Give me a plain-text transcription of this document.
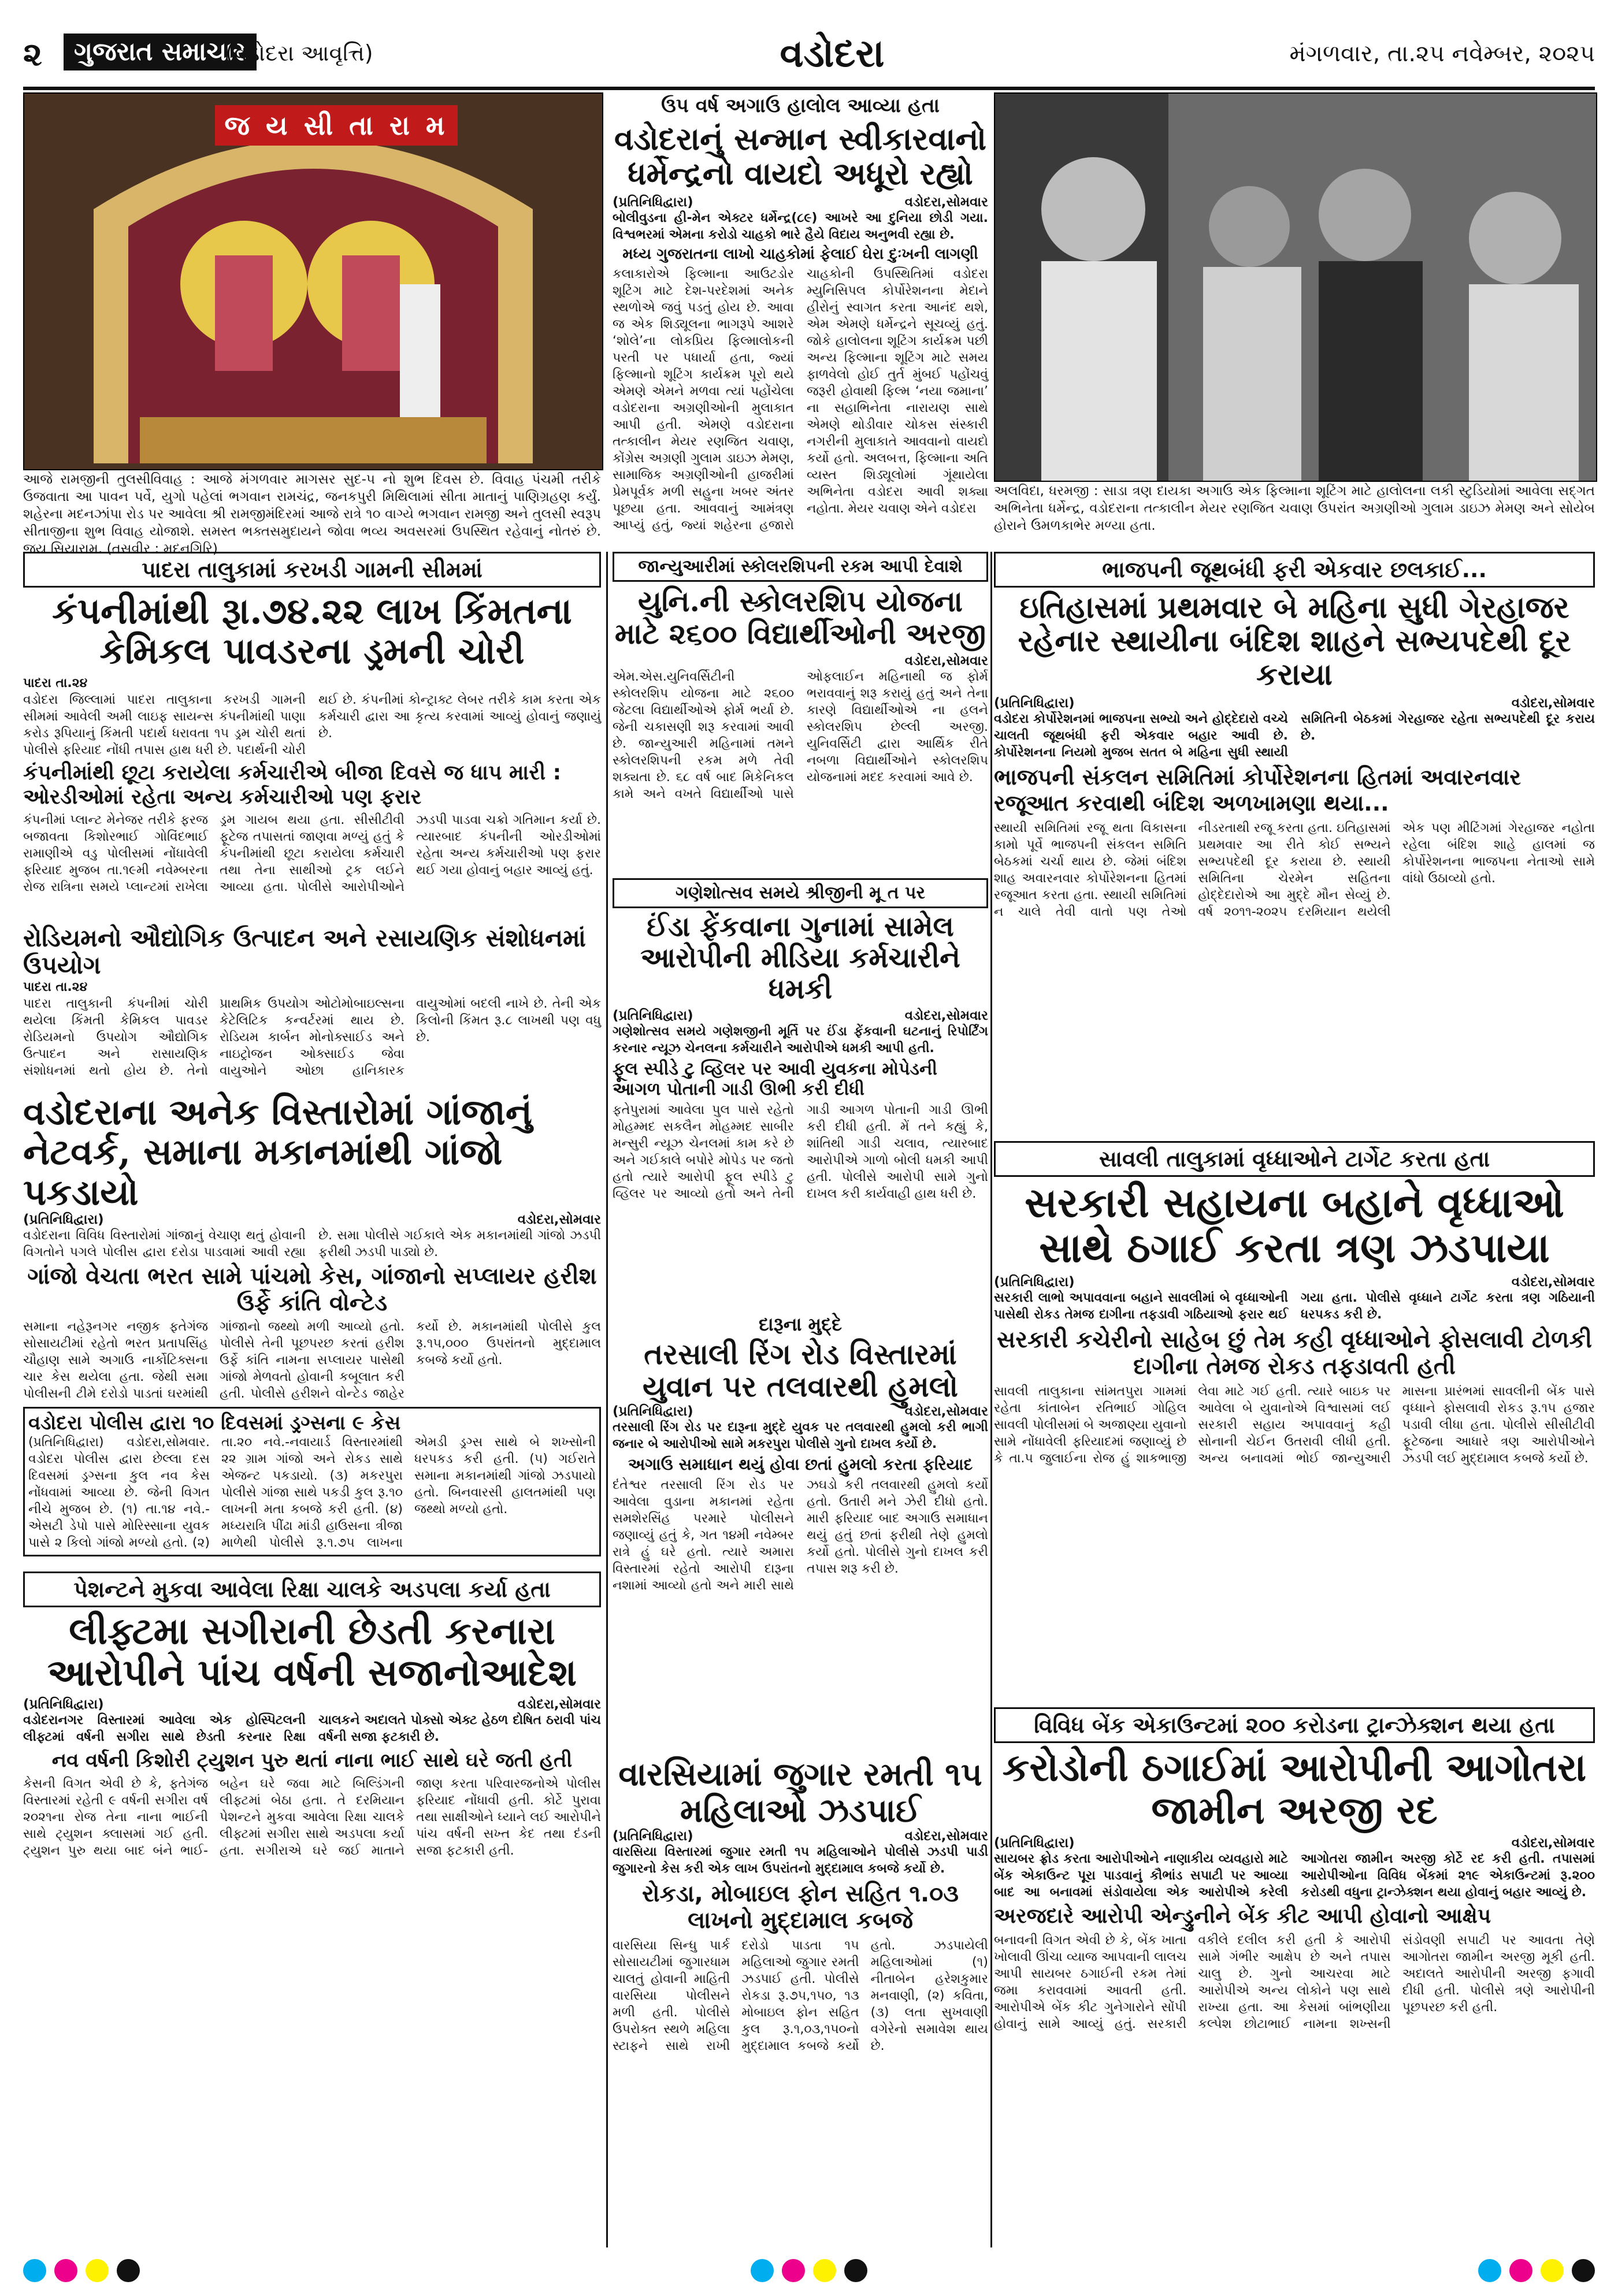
૨	ગુજરાત સમાચાર
(વડોદરા આવૃત્તિ)	વડોદરા	મંગળવાર, તા.૨૫ નવેમ્બર, ૨૦૨૫
જ ય સી તા રા મ
આજે રામજીની તુલસીવિવાહ : આજે મંગળવાર માગસર સુદ-૫ નો શુભ દિવસ છે. વિવાહ પંચમી તરીકે ઉજવાતા આ પાવન પર્વે, યુગો પહેલાં ભગવાન રામચંદ્ર, જનકપુરી મિથિલામાં સીતા માતાનું પાણિગ્રહણ કર્યું. શહેરના મદનઝાંપા રોડ પર આવેલા શ્રી રામજીમંદિરમાં આજે રાત્રે ૧૦ વાગ્યે ભગવાન રામજી અને તુલસી સ્વરૂપ સીતાજીના શુભ વિવાહ યોજાશે. સમસ્ત ભક્તસમુદાયને જોવા ભવ્ય અવસરમાં ઉપસ્થિત રહેવાનું નોતરું છે. જય સિયારામ. (તસવીર : મદનગિરિ)
ઉપ વર્ષ અગાઉ હાલોલ આવ્યા હતા
વડોદરાનું સન્માન સ્વીકારવાનો ધર્મેન્દ્રનો વાયદો અધૂરો રહ્યો
(પ્રતિનિધિદ્વારા)	વડોદરા,સોમવાર
બોલીવુડના હી-મેન એક્ટર ધર્મેન્દ્ર(૮૯) આખરે આ દુનિયા છોડી ગયા. વિશ્વભરમાં એમના કરોડો ચાહકો ભારે હૈયે વિદાય અનુભવી રહ્યા છે.
મધ્ય ગુજરાતના લાખો ચાહકોમાં ફેલાઈ ઘેરા દુઃખની લાગણી
કલાકારોએ ફિલ્માના આઉટડોર શૂટિંગ માટે દેશ-પરદેશમાં અનેક સ્થળોએ જવું પડતું હોય છે. આવા જ એક શિડ્યૂલના ભાગરૂપે આશરે ‘શોલે’ના લોકપ્રિય ફિલ્માલોકની પરતી પર પધાર્યા હતા, જ્યાં ફિલ્માનો શૂટિંગ કાર્યક્રમ પૂરો થયે એમણે એમને મળવા ત્યાં પહોંચેલા વડોદરાના અગ્રણીઓની મુલાકાત આપી હતી. એમણે વડોદરાના તત્કાલીન મેયર રણજિત ચવાણ, કોંગ્રેસ અગ્રણી ગુલામ ડાઇઝ મેમણ, સામાજિક અગ્રણીઓની હાજરીમાં પ્રેમપૂર્વક મળી સહુના ખબર અંતર પૂછયા હતા. આવવાનું આમંત્રણ આપ્યું હતું, જ્યાં શહેરના હજારો ચાહકોની ઉપસ્થિતિમાં વડોદરા મ્યુનિસિપલ કોર્પોરેશનના મેદાને હીરોનું સ્વાગત કરતા આનંદ થશે, એમ એમણે ધર્મેન્દ્રને સૂચવ્યું હતું. જોકે હાલોલના શૂટિંગ કાર્યક્રમ પછી અન્ય ફિલ્માના શૂટિંગ માટે સમય ફાળવેલો હોઈ તુર્ત મુંબઈ પહોંચવું જરૂરી હોવાથી ફિલ્મ ‘નયા જમાના’ ના સહાભિનેતા નારાયણ સાથે એમણે થોડીવાર ચોકસ સંસ્કારી નગરીની મુલાકાતે આવવાનો વાયદો કર્યો હતો. અલબત્ત, ફિલ્માના અતિ વ્યસ્ત શિડ્યૂલોમાં ગૂંથાયેલા અભિનેતા વડોદરા આવી શક્યા નહોતા. મેયર ચવાણ એને વડોદરા
અલવિદા, ધરમજી : સાડા ત્રણ દાયકા અગાઉ એક ફિલ્માના શૂટિંગ માટે હાલોલના લકી સ્ટુડિયોમાં આવેલા સદ્ગત અભિનેતા ધર્મેન્દ્ર, વડોદરાના તત્કાલીન મેયર રણજિત ચવાણ ઉપરાંત અગ્રણીઓ ગુલામ ડાઇઝ મેમણ અને સોયેબ હોરાને ઉમળકાભેર મળ્યા હતા.
પાદરા તાલુકામાં કરખડી ગામની સીમમાં
કંપનીમાંથી રૂા.૭૪.૨૨ લાખ કિંમતના કેમિકલ પાવડરના ડ્રમની ચોરી
પાદરા તા.૨૪
વડોદરા જિલ્લામાં પાદરા તાલુકાના કરખડી ગામની સીમમાં આવેલી અમી લાઇફ સાયન્સ કંપનીમાંથી પાણા કરોડ રૂપિયાનું કિંમતી પદાર્થ ધરાવતા ૧૫ ડ્રમ ચોરી થતાં પોલીસે ફરિયાદ નોંધી તપાસ હાથ ધરી છે. પદાર્થની ચોરી થઈ છે. કંપનીમાં કોન્ટ્રાક્ટ લેબર તરીકે કામ કરતા એક કર્મચારી દ્વારા આ કૃત્ય કરવામાં આવ્યું હોવાનું જણાયું છે.
કંપનીમાંથી છૂટા કરાયેલા કર્મચારીએ બીજા દિવસે જ ધાપ મારી : ઓરડીઓમાં રહેતા અન્ય કર્મચારીઓ પણ ફરાર
કંપનીમાં પ્લાન્ટ મેનેજર તરીકે ફરજ બજાવતા કિશોરભાઈ ગોવિંદભાઈ રામાણીએ વડુ પોલીસમાં નોંધાવેલી ફરિયાદ મુજબ તા.૧૯મી નવેમ્બરના રોજ રાત્રિના સમયે પ્લાન્ટમાં રાખેલા ડ્રમ ગાયબ થયા હતા. સીસીટીવી ફૂટેજ તપાસતાં જાણવા મળ્યું હતું કે કંપનીમાંથી છૂટા કરાયેલા કર્મચારી તથા તેના સાથીઓ ટ્રક લઈને આવ્યા હતા. પોલીસે આરોપીઓને ઝડપી પાડવા ચક્રો ગતિમાન કર્યા છે. ત્યારબાદ કંપનીની ઓરડીઓમાં રહેતા અન્ય કર્મચારીઓ પણ ફરાર થઈ ગયા હોવાનું બહાર આવ્યું હતું.
રોડિયમનો ઔદ્યોગિક ઉત્પાદન અને રસાયણિક સંશોધનમાં ઉપયોગ
પાદરા તા.૨૪
પાદરા તાલુકાની કંપનીમાં ચોરી થયેલા કિંમતી કેમિકલ પાવડર રોડિયમનો ઉપયોગ ઔદ્યોગિક ઉત્પાદન અને રાસાયણિક સંશોધનમાં થતો હોય છે. તેનો પ્રાથમિક ઉપયોગ ઓટોમોબાઇલ્સના કેટેલિટિક કન્વર્ટરમાં થાય છે. રોડિયમ કાર્બન મોનોક્સાઈડ અને નાઇટ્રોજન ઓક્સાઈડ જેવા વાયુઓને ઓછા હાનિકારક વાયુઓમાં બદલી નાખે છે. તેની એક કિલોની કિંમત રૂ.૮ લાખથી પણ વધુ છે.
વડોદરાના અનેક વિસ્તારોમાં ગાંજાનું નેટવર્ક, સમાના મકાનમાંથી ગાંજો પકડાયો
(પ્રતિનિધિદ્વારા)	વડોદરા,સોમવાર
વડોદરાના વિવિધ વિસ્તારોમાં ગાંજાનું વેચાણ થતું હોવાની વિગતોને પગલે પોલીસ દ્વારા દરોડા પાડવામાં આવી રહ્યા છે. સમા પોલીસે ગઈકાલે એક મકાનમાંથી ગાંજો ઝડપી ફરીથી ઝડપી પાડ્યો છે.
ગાંજો વેચતા ભરત સામે પાંચમો કેસ, ગાંજાનો સપ્લાયર હરીશ ઉર્ફે કાંતિ વોન્ટેડ
સમાના નહેરૂનગર નજીક ફતેગંજ સોસાયટીમાં રહેતો ભરત પ્રતાપસિંહ ચૌહાણ સામે અગાઉ નાર્કોટિક્સના ચાર કેસ થયેલા હતા. જેથી સમા પોલીસની ટીમે દરોડો પાડતાં ઘરમાંથી ગાંજાનો જથ્થો મળી આવ્યો હતો. પોલીસે તેની પૂછપરછ કરતાં હરીશ ઉર્ફે કાંતિ નામના સપ્લાયર પાસેથી ગાંજો મેળવતો હોવાની કબૂલાત કરી હતી. પોલીસે હરીશને વોન્ટેડ જાહેર કર્યો છે. મકાનમાંથી પોલીસે કુલ રૂ.૧૫,૦૦૦ ઉપરાંતનો મુદ્દામાલ કબજે કર્યો હતો.
વડોદરા પોલીસ દ્વારા ૧૦ દિવસમાં ડ્રગ્સના ૯ કેસ
(પ્રતિનિધિદ્વારા) વડોદરા,સોમવાર. વડોદરા પોલીસ દ્વારા છેલ્લા દસ દિવસમાં ડ્રગ્સના કુલ નવ કેસ નોંધવામાં આવ્યા છે. જેની વિગત નીચે મુજબ છે. (૧) તા.૧૪ નવે.-એસટી ડેપો પાસે મોરિસ્સાના યુવક પાસે ૨ કિલો ગાંજો મળ્યો હતો. (૨) તા.૨૦ નવે.-નવાયાર્ડ વિસ્તારમાંથી ૨૨ ગ્રામ ગાંજો અને રોકડ સાથે એજન્ટ પકડાયો. (૩) મકરપુરા પોલીસે ગાંજા સાથે પકડી કુલ રૂ.૧૦ લાખની મતા કબજે કરી હતી. (૪) મધ્યરાત્રિ પીંઢા માંડી હાઉસના ત્રીજા માળેથી પોલીસે રૂ.૧.૭૫ લાખના એમડી ડ્રગ્સ સાથે બે શખ્સોની ધરપકડ કરી હતી. (૫) ગઈરાતે સમાના મકાનમાંથી ગાંજો ઝડપાયો હતો. બિનવારસી હાલતમાંથી પણ જથ્થો મળ્યો હતો.
પેશન્ટને મુકવા આવેલા રિક્ષા ચાલકે અડપલા કર્યા હતા
લીફ્ટમા સગીરાની છેડતી કરનારા આરોપીને પાંચ વર્ષની સજાનોઆદેશ
(પ્રતિનિધિદ્વારા)	વડોદરા,સોમવાર
વડોદરાનગર વિસ્તારમાં આવેલા એક હોસ્પિટલની લીફ્ટમાં વર્ષની સગીરા સાથે છેડતી કરનાર રિક્ષા ચાલકને અદાલતે પોક્સો એક્ટ હેઠળ દોષિત ઠરાવી પાંચ વર્ષની સજા ફટકારી છે.
નવ વર્ષની કિશોરી ટ્યુશન પુરુ થતાં નાના ભાઈ સાથે ઘરે જતી હતી
કેસની વિગત એવી છે કે, ફતેગંજ વિસ્તારમાં રહેતી ૯ વર્ષની સગીરા વર્ષ ૨૦૨૧ના રોજ તેના નાના ભાઈની સાથે ટ્યુશન ક્લાસમાં ગઈ હતી. ટ્યુશન પુરુ થયા બાદ બંને ભાઈ-બહેન ઘરે જવા માટે બિલ્ડિંગની લીફ્ટમાં બેઠા હતા. તે દરમિયાન પેશન્ટને મુકવા આવેલા રિક્ષા ચાલકે લીફ્ટમાં સગીરા સાથે અડપલા કર્યા હતા. સગીરાએ ઘરે જઈ માતાને જાણ કરતા પરિવારજનોએ પોલીસ ફરિયાદ નોંધાવી હતી. કોર્ટે પુરાવા તથા સાક્ષીઓને ધ્યાને લઈ આરોપીને પાંચ વર્ષની સખ્ત કેદ તથા દંડની સજા ફટકારી હતી.
જાન્યુઆરીમાં સ્કોલરશિપની રકમ આપી દેવાશે
યુનિ.ની સ્કોલરશિપ યોજના માટે ૨૬૦૦ વિદ્યાર્થીઓની અરજી
વડોદરા,સોમવાર
એમ.એસ.યુનિવર્સિટીની સ્કોલરશિપ યોજના માટે ૨૬૦૦ જેટલા વિદ્યાર્થીઓએ ફોર્મ ભર્યા છે. જેની ચકાસણી શરૂ કરવામાં આવી છે. જાન્યુઆરી મહિનામાં તમને સ્કોલરશિપની રકમ મળે તેવી શક્યતા છે. ૬૮ વર્ષ બાદ મિકેનિકલ કામે અને વખતે વિદ્યાર્થીઓ પાસે ઓફલાઈન મહિનાથી જ ફોર્મ ભરાવવાનું શરૂ કરાયું હતું અને તેના કારણે વિદ્યાર્થીઓએ ના હલને સ્કોલરશિપ છેલ્લી અરજી. યુનિવર્સિટી દ્વારા આર્થિક રીતે નબળા વિદ્યાર્થીઓને સ્કોલરશિપ યોજનામાં મદદ કરવામાં આવે છે.
ગણેશોત્સવ સમયે શ્રીજીની મૂ ત પર
ઈંડા ફેંકવાના ગુનામાં સામેલ આરોપીની મીડિયા કર્મચારીને ધમકી
(પ્રતિનિધિદ્વારા)	વડોદરા,સોમવાર
ગણેશોત્સવ સમયે ગણેશજીની મૂર્તિ પર ઈંડા ફેંકવાની ઘટનાનું રિપોર્ટિંગ કરનાર ન્યૂઝ ચેનલના કર્મચારીને આરોપીએ ધમકી આપી હતી.
ફૂલ સ્પીડે ટુ વ્હિલર પર આવી યુવકના મોપેડની આગળ પોતાની ગાડી ઊભી કરી દીધી
ફતેપુરામાં આવેલા પુલ પાસે રહેતો મોહમ્મદ સકલૈન મોહમ્મદ સાબીર મન્સુરી ન્યૂઝ ચેનલમાં કામ કરે છે અને ગઈકાલે બપોરે મોપેડ પર જતો હતો ત્યારે આરોપી ફૂલ સ્પીડે ટુ વ્હિલર પર આવ્યો હતો અને તેની ગાડી આગળ પોતાની ગાડી ઊભી કરી દીધી હતી. મેં તને કહ્યું કે, શાંતિથી ગાડી ચલાવ, ત્યારબાદ આરોપીએ ગાળો બોલી ધમકી આપી હતી. પોલીસે આરોપી સામે ગુનો દાખલ કરી કાર્યવાહી હાથ ધરી છે.
દારૂના મુદ્દે
તરસાલી રિંગ રોડ વિસ્તારમાં યુવાન પર તલવારથી હુમલો
(પ્રતિનિધિદ્વારા)	વડોદરા,સોમવાર
તરસાલી રિંગ રોડ પર દારૂના મુદ્દે યુવક પર તલવારથી હુમલો કરી ભાગી જનાર બે આરોપીઓ સામે મકરપુરા પોલીસે ગુનો દાખલ કર્યો છે.
અગાઉ સમાધાન થયું હોવા છતાં હુમલો કરતા ફરિયાદ
દંતેશ્વર તરસાલી રિંગ રોડ પર આવેલા વુડાના મકાનમાં રહેતા સમશેરસિંહ પરમારે પોલીસને જણાવ્યું હતું કે, ગત ૧૪મી નવેમ્બર રાત્રે હું ઘરે હતો. ત્યારે અમારા વિસ્તારમાં રહેતો આરોપી દારૂના નશામાં આવ્યો હતો અને મારી સાથે ઝઘડો કરી તલવારથી હુમલો કર્યો હતો. ઉતારી મને ઝેરી દીધો હતો. મારી ફરિયાદ બાદ અગાઉ સમાધાન થયું હતું છતાં ફરીથી તેણે હુમલો કર્યો હતો. પોલીસે ગુનો દાખલ કરી તપાસ શરૂ કરી છે.
વારસિયામાં જુગાર રમતી ૧૫ મહિલાઓ ઝડપાઈ
(પ્રતિનિધિદ્વારા)	વડોદરા,સોમવાર
વારસિયા વિસ્તારમાં જુગાર રમતી ૧૫ મહિલાઓને પોલીસે ઝડપી પાડી જુગારનો કેસ કરી એક લાખ ઉપરાંતનો મુદ્દામાલ કબજે કર્યો છે.
રોકડા, મોબાઇલ ફોન સહિત ૧.૦૩ લાખનો મુદ્દામાલ કબજે
વારસિયા સિન્ધુ પાર્ક સોસાયટીમાં જુગારધામ ચાલતું હોવાની માહિતી વારસિયા પોલીસને મળી હતી. પોલીસે ઉપરોક્ત સ્થળે મહિલા સ્ટાફને સાથે રાખી દરોડો પાડતા ૧૫ મહિલાઓ જુગાર રમતી ઝડપાઈ હતી. પોલીસે રોકડા રૂ.૭૫,૧૫૦, ૧૩ મોબાઇલ ફોન સહિત કુલ રૂ.૧,૦૩,૧૫૦નો મુદ્દામાલ કબજે કર્યો હતો. ઝડપાયેલી મહિલાઓમાં (૧) નીતાબેન હરેશકુમાર મનવાણી, (૨) કવિતા, (૩) લતા સુખવાણી વગેરેનો સમાવેશ થાય છે.
ભાજપની જૂથબંધી ફરી એકવાર છલકાઈ...
ઇતિહાસમાં પ્રથમવાર બે મહિના સુધી ગેરહાજર રહેનાર સ્થાયીના બંદિશ શાહને સભ્યપદેથી દૂર કરાયા
(પ્રતિનિધિદ્વારા)	વડોદરા,સોમવાર
વડોદરા કોર્પોરેશનમાં ભાજપના સભ્યો અને હોદ્દેદારો વચ્ચે ચાલતી જૂથબંધી ફરી એકવાર બહાર આવી છે. કોર્પોરેશનના નિયમો મુજબ સતત બે મહિના સુધી સ્થાયી સમિતિની બેઠકમાં ગેરહાજર રહેતા સભ્યપદેથી દૂર કરાય છે.
ભાજપની સંકલન સમિતિમાં કોર્પોરેશનના હિતમાં અવારનવાર રજૂઆત કરવાથી બંદિશ અળખામણા થયા...
સ્થાયી સમિતિમાં રજૂ થતા વિકાસના કામો પૂર્વે ભાજપની સંકલન સમિતિ બેઠકમાં ચર્ચા થાય છે. જેમાં બંદિશ શાહ અવારનવાર કોર્પોરેશનના હિતમાં રજૂઆત કરતા હતા. સ્થાયી સમિતિમાં ન ચાલે તેવી વાતો પણ તેઓ નીડરતાથી રજૂ કરતા હતા. ઇતિહાસમાં પ્રથમવાર આ રીતે કોઈ સભ્યને સભ્યપદેથી દૂર કરાયા છે. સ્થાયી સમિતિના ચેરમેન સહિતના હોદ્દેદારોએ આ મુદ્દે મૌન સેવ્યું છે. વર્ષ ૨૦૧૧-૨૦૨૫ દરમિયાન થયેલી એક પણ મીટિંગમાં ગેરહાજર નહોતા રહેલા બંદિશ શાહે હાલમાં જ કોર્પોરેશનના ભાજપના નેતાઓ સામે વાંધો ઉઠાવ્યો હતો.
સાવલી તાલુકામાં વૃધ્ધાઓને ટાર્ગેટ કરતા હતા
સરકારી સહાયના બહાને વૃધ્ધાઓ સાથે ઠગાઈ કરતા ત્રણ ઝડપાયા
(પ્રતિનિધિદ્વારા)	વડોદરા,સોમવાર
સરકારી લાભો અપાવવાના બહાને સાવલીમાં બે વૃધ્ધાઓની પાસેથી રોકડ તેમજ દાગીના તફડાવી ગઠિયાઓ ફરાર થઈ ગયા હતા. પોલીસે વૃધ્ધાને ટાર્ગેટ કરતા ત્રણ ગઠિયાની ધરપકડ કરી છે.
સરકારી કચેરીનો સાહેબ છું તેમ કહી વૃધ્ધાઓને ફોસલાવી ટોળકી દાગીના તેમજ રોકડ તફડાવતી હતી
સાવલી તાલુકાના સાંમતપુરા ગામમાં રહેતા કાંતાબેન રતિભાઈ ગોહિલ સાવલી પોલીસમાં બે અજાણ્યા યુવાનો સામે નોંધાવેલી ફરિયાદમાં જણાવ્યું છે કે તા.૫ જુલાઈના રોજ હું શાકભાજી લેવા માટે ગઈ હતી. ત્યારે બાઇક પર આવેલા બે યુવાનોએ વિશ્વાસમાં લઈ સરકારી સહાય અપાવવાનું કહી સોનાની ચેઈન ઉતરાવી લીધી હતી. અન્ય બનાવમાં ભોઈ જાન્યુઆરી માસના પ્રારંભમાં સાવલીની બેંક પાસે વૃધ્ધાને ફોસલાવી રોકડ રૂ.૧૫ હજાર પડાવી લીધા હતા. પોલીસે સીસીટીવી ફૂટેજના આધારે ત્રણ આરોપીઓને ઝડપી લઈ મુદ્દામાલ કબજે કર્યો છે.
વિવિધ બેંક એકાઉન્ટમાં ૨૦૦ કરોડના ટ્રાન્ઝેક્શન થયા હતા
કરોડોની ઠગાઈમાં આરોપીની આગોતરા જામીન અરજી રદ
(પ્રતિનિધિદ્વારા)	વડોદરા,સોમવાર
સાયબર ફ્રોડ કરતા આરોપીઓને નાણાકીય વ્યવહારો માટે બેંક એકાઉન્ટ પૂરા પાડવાનું કૌભાંડ સપાટી પર આવ્યા બાદ આ બનાવમાં સંડોવાયેલા એક આરોપીએ કરેલી આગોતરા જામીન અરજી કોર્ટે રદ કરી હતી. તપાસમાં આરોપીઓના વિવિધ બેંકમાં ૨૧૯ એકાઉન્ટમાં રૂ.૨૦૦ કરોડથી વધુના ટ્રાન્ઝેક્શન થયા હોવાનું બહાર આવ્યું છે.
અરજદારે આરોપી એન્ડ્રુનીને બેંક કીટ આપી હોવાનો આક્ષેપ
બનાવની વિગત એવી છે કે, બેંક ખાતા ખોલાવી ઊંચા વ્યાજ આપવાની લાલચ આપી સાયબર ઠગાઈની રકમ તેમાં જમા કરાવવામાં આવતી હતી. આરોપીએ બેંક કીટ ગુનેગારોને સોંપી હોવાનું સામે આવ્યું હતું. સરકારી વકીલે દલીલ કરી હતી કે આરોપી સામે ગંભીર આક્ષેપ છે અને તપાસ ચાલુ છે. ગુનો આચરવા માટે આરોપીએ અન્ય લોકોને પણ સાથે રાખ્યા હતા. આ કેસમાં બાંભણીયા કલ્પેશ છોટાભાઈ નામના શખ્સની સંડોવણી સપાટી પર આવતા તેણે આગોતરા જામીન અરજી મૂકી હતી. અદાલતે આરોપીની અરજી ફગાવી દીધી હતી. પોલીસે ત્રણે આરોપીની પૂછપરછ કરી હતી.
